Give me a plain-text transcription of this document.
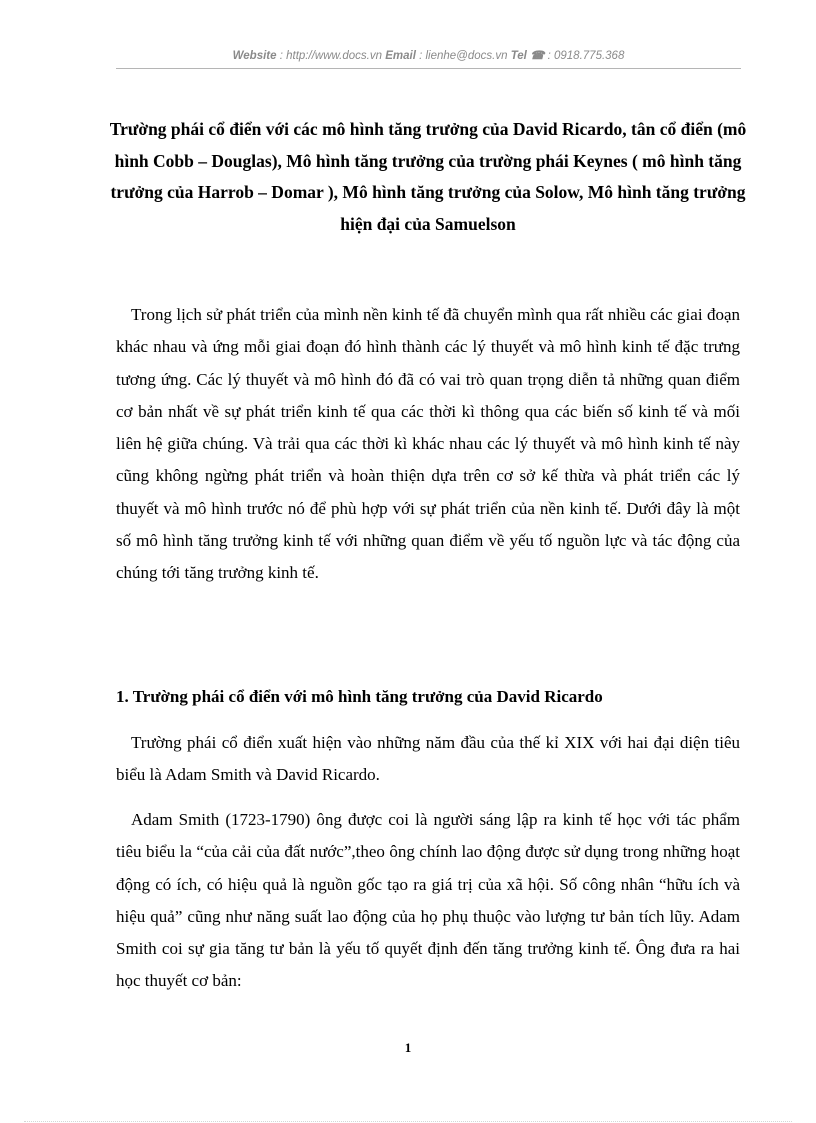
Website : http://www.docs.vn Email : lienhe@docs.vn Tel ☎ : 0918.775.368
Trường phái cổ điển với các mô hình tăng trưởng của David Ricardo, tân cổ điển (mô hình Cobb – Douglas), Mô hình tăng trưởng của trường phái Keynes ( mô hình tăng trưởng của Harrob – Domar ), Mô hình tăng trưởng của Solow, Mô hình tăng trưởng hiện đại của Samuelson

Trong lịch sử phát triển của mình nền kinh tế đã chuyển mình qua rất nhiều các giai đoạn khác nhau và ứng mỗi giai đoạn đó hình thành các lý thuyết và mô hình kinh tế đặc trưng tương ứng. Các lý thuyết và mô hình đó đã có vai trò quan trọng diễn tả những quan điểm cơ bản nhất về sự phát triển kinh tế qua các thời kì thông qua các biến số kinh tế và mối liên hệ giữa chúng. Và trải qua các thời kì khác nhau các lý thuyết và mô hình kinh tế này cũng không ngừng phát triển và hoàn thiện dựa trên cơ sở kế thừa và phát triển các lý thuyết và mô hình trước nó để phù hợp với sự phát triển của nền kinh tế. Dưới đây là một số mô hình tăng trưởng kinh tế với những quan điểm về yếu tố nguồn lực và tác động của chúng tới tăng trưởng kinh tế.

1. Trường phái cổ điển với mô hình tăng trưởng của David Ricardo

Trường phái cổ điển xuất hiện vào những năm đầu của thế kỉ XIX với hai đại diện tiêu biểu là Adam Smith và David Ricardo.

Adam Smith (1723-1790) ông được coi là người sáng lập ra kinh tế học với tác phẩm tiêu biểu la “của cải của đất nước”,theo ông chính lao động được sử dụng trong những hoạt động có ích, có hiệu quả là nguồn gốc tạo ra giá trị của xã hội. Số công nhân “hữu ích và hiệu quả” cũng như năng suất lao động của họ phụ thuộc vào lượng tư bản tích lũy. Adam Smith coi sự gia tăng tư bản là yếu tố quyết định đến tăng trưởng kinh tế. Ông đưa ra hai học thuyết cơ bản:

1
